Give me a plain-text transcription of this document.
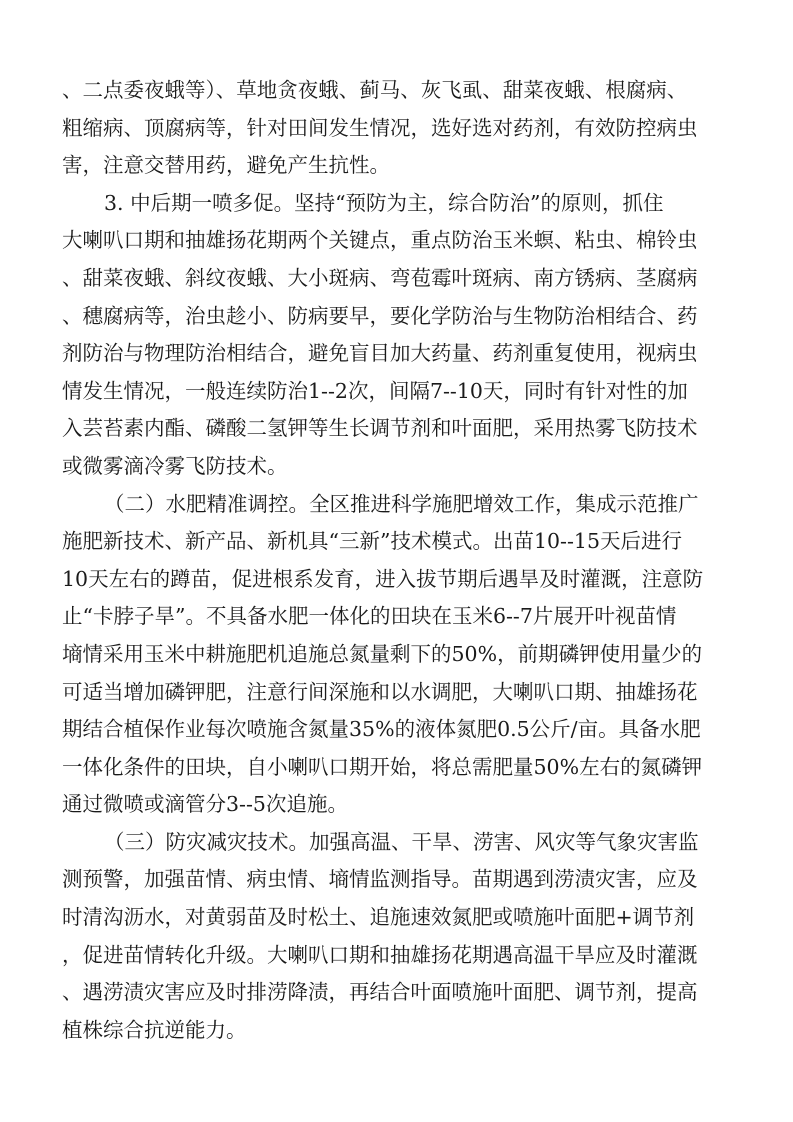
、二点委夜蛾等）、草地贪夜蛾、蓟马、灰飞虱、甜菜夜蛾、根腐病、
粗缩病、顶腐病等，针对田间发生情况，选好选对药剂，有效防控病虫
害，注意交替用药，避免产生抗性。
3. 中后期一喷多促。坚持“预防为主，综合防治”的原则，抓住
大喇叭口期和抽雄扬花期两个关键点，重点防治玉米螟、粘虫、棉铃虫
、甜菜夜蛾、斜纹夜蛾、大小斑病、弯苞霉叶斑病、南方锈病、茎腐病
、穗腐病等，治虫趁小、防病要早，要化学防治与生物防治相结合、药
剂防治与物理防治相结合，避免盲目加大药量、药剂重复使用，视病虫
情发生情况，一般连续防治1--2次，间隔7--10天，同时有针对性的加
入芸苔素内酯、磷酸二氢钾等生长调节剂和叶面肥，采用热雾飞防技术
或微雾滴冷雾飞防技术。
（二）水肥精准调控。全区推进科学施肥增效工作，集成示范推广
施肥新技术、新产品、新机具“三新”技术模式。出苗10--15天后进行
10天左右的蹲苗，促进根系发育，进入拔节期后遇旱及时灌溉，注意防
止“卡脖子旱”。不具备水肥一体化的田块在玉米6--7片展开叶视苗情
墒情采用玉米中耕施肥机追施总氮量剩下的50%，前期磷钾使用量少的
可适当增加磷钾肥，注意行间深施和以水调肥，大喇叭口期、抽雄扬花
期结合植保作业每次喷施含氮量35%的液体氮肥0.5公斤/亩。具备水肥
一体化条件的田块，自小喇叭口期开始，将总需肥量50%左右的氮磷钾
通过微喷或滴管分3--5次追施。
（三）防灾减灾技术。加强高温、干旱、涝害、风灾等气象灾害监
测预警，加强苗情、病虫情、墒情监测指导。苗期遇到涝渍灾害，应及
时清沟沥水，对黄弱苗及时松土、追施速效氮肥或喷施叶面肥+调节剂
，促进苗情转化升级。大喇叭口期和抽雄扬花期遇高温干旱应及时灌溉
、遇涝渍灾害应及时排涝降渍，再结合叶面喷施叶面肥、调节剂，提高
植株综合抗逆能力。
